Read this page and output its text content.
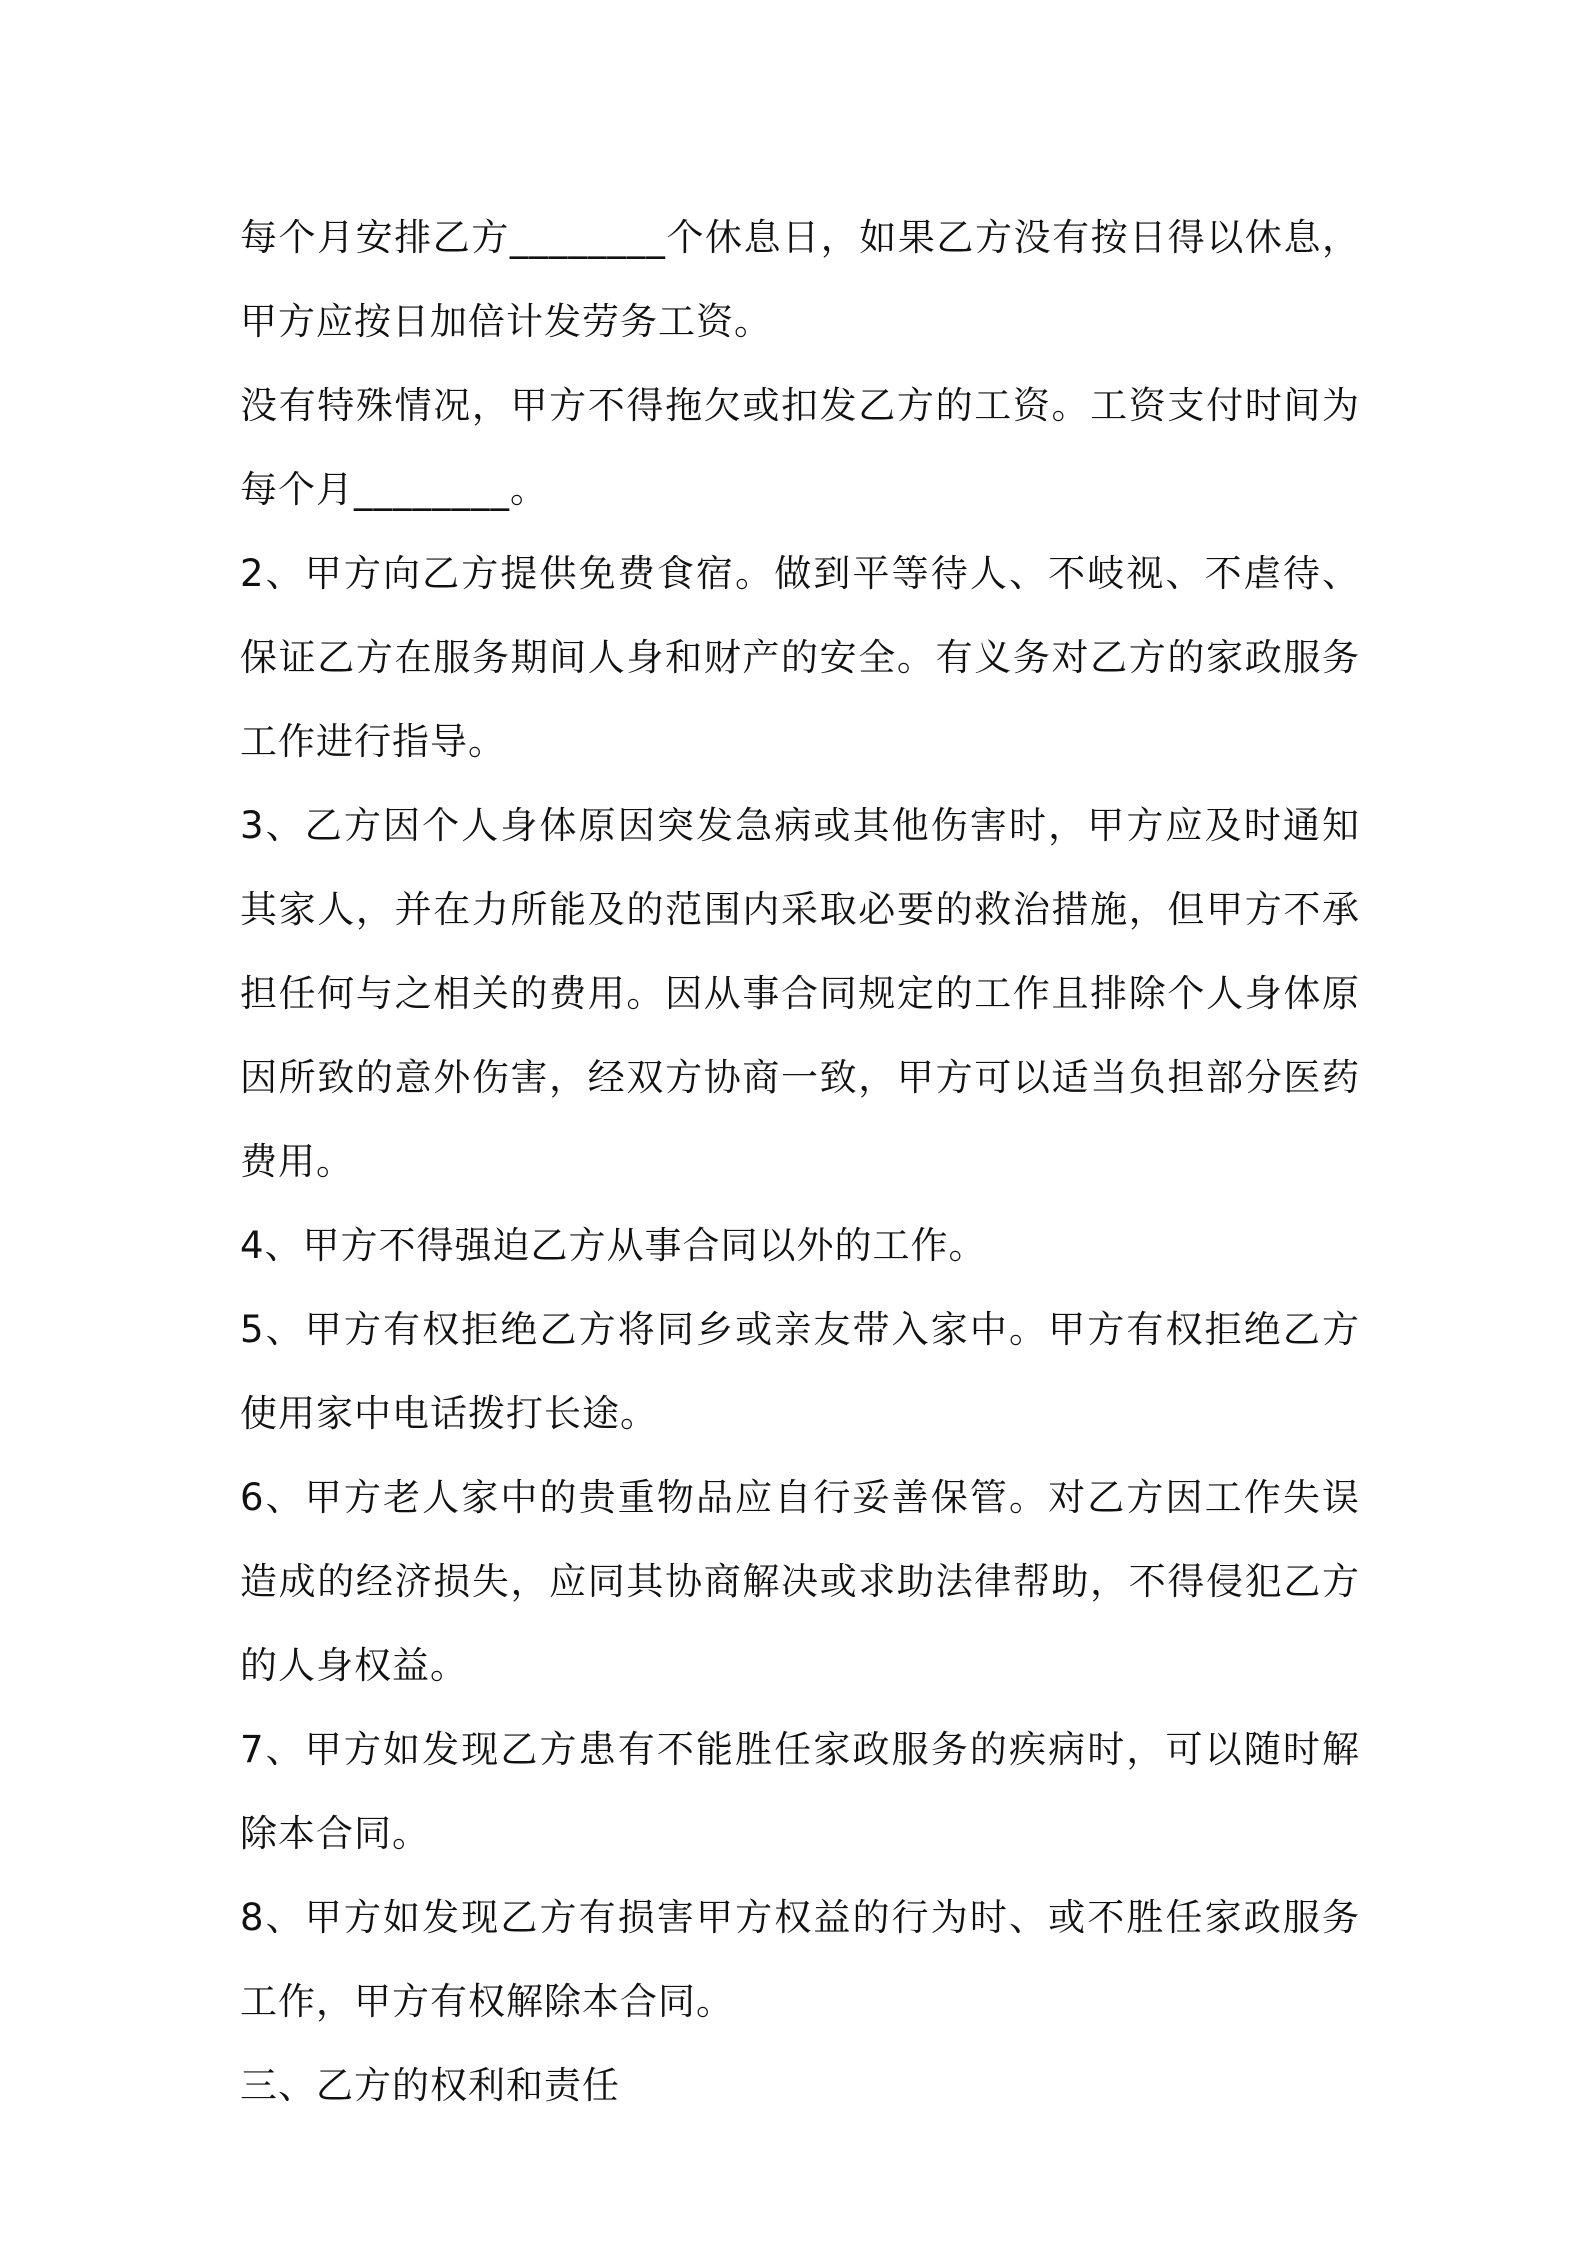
每个月安排乙方________个休息日，如果乙方没有按日得以休息，甲方应按日加倍计发劳务工资。

没有特殊情况，甲方不得拖欠或扣发乙方的工资。工资支付时间为每个月________。

2、甲方向乙方提供免费食宿。做到平等待人、不岐视、不虐待、保证乙方在服务期间人身和财产的安全。有义务对乙方的家政服务工作进行指导。

3、乙方因个人身体原因突发急病或其他伤害时，甲方应及时通知其家人，并在力所能及的范围内采取必要的救治措施，但甲方不承担任何与之相关的费用。因从事合同规定的工作且排除个人身体原因所致的意外伤害，经双方协商一致，甲方可以适当负担部分医药费用。

4、甲方不得强迫乙方从事合同以外的工作。

5、甲方有权拒绝乙方将同乡或亲友带入家中。甲方有权拒绝乙方使用家中电话拨打长途。

6、甲方老人家中的贵重物品应自行妥善保管。对乙方因工作失误造成的经济损失，应同其协商解决或求助法律帮助，不得侵犯乙方的人身权益。

7、甲方如发现乙方患有不能胜任家政服务的疾病时，可以随时解除本合同。

8、甲方如发现乙方有损害甲方权益的行为时、或不胜任家政服务工作，甲方有权解除本合同。

三、乙方的权利和责任
